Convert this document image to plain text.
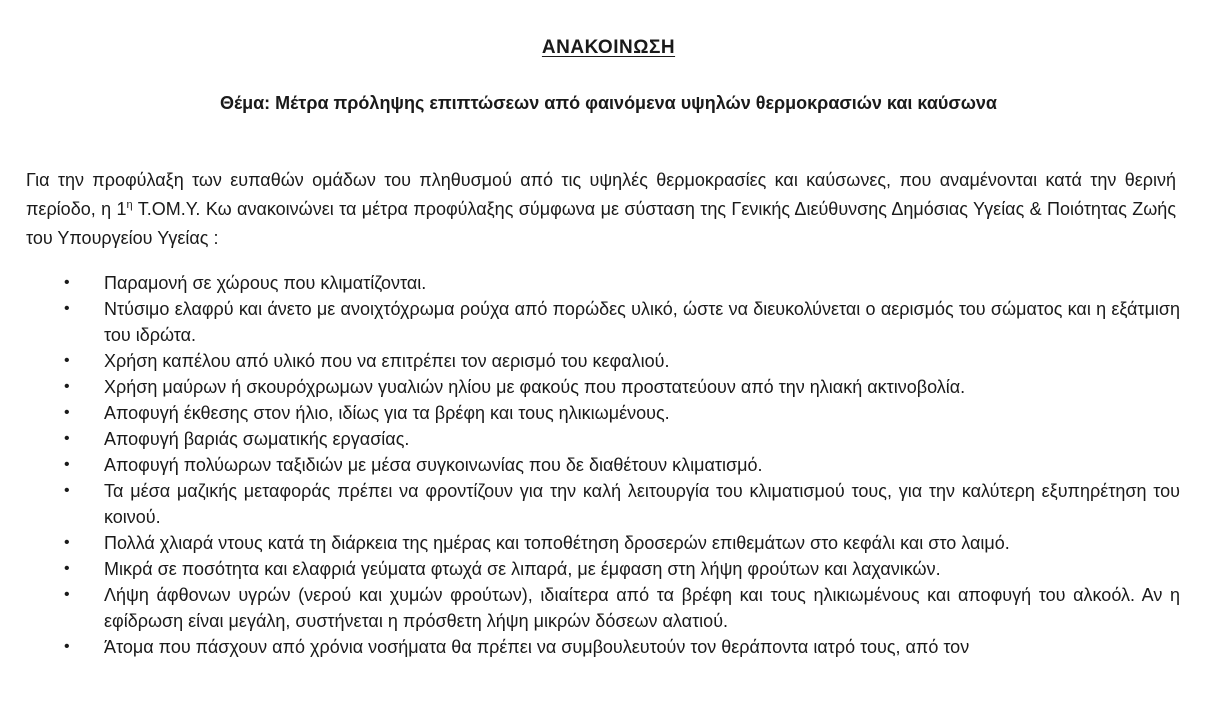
ΑΝΑΚΟΙΝΩΣΗ
Θέμα: Μέτρα πρόληψης επιπτώσεων από φαινόμενα υψηλών θερμοκρασιών και καύσωνα
Για την προφύλαξη των ευπαθών ομάδων του πληθυσμού από τις υψηλές θερμοκρασίες και καύσωνες, που αναμένονται κατά την θερινή περίοδο, η $1^\eta$ Τ.ΟΜ.Υ. Κω ανακοινώνει τα μέτρα προφύλαξης σύμφωνα με σύσταση της Γενικής Διεύθυνσης Δημόσιας Υγείας & Ποιότητας Ζωής του Υπουργείου Υγείας :
• Παραμονή σε χώρους που κλιματίζονται.
• Ντύσιμο ελαφρύ και άνετο με ανοιχτόχρωμα ρούχα από πορώδες υλικό, ώστε να διευκολύνεται ο αερισμός του σώματος και η εξάτμιση του ιδρώτα.
• Χρήση καπέλου από υλικό που να επιτρέπει τον αερισμό του κεφαλιού.
• Χρήση μαύρων ή σκουρόχρωμων γυαλιών ηλίου με φακούς που προστατεύουν από την ηλιακή ακτινοβολία.
• Αποφυγή έκθεσης στον ήλιο, ιδίως για τα βρέφη και τους ηλικιωμένους.
• Αποφυγή βαριάς σωματικής εργασίας.
• Αποφυγή πολύωρων ταξιδιών με μέσα συγκοινωνίας που δε διαθέτουν κλιματισμό.
• Τα μέσα μαζικής μεταφοράς πρέπει να φροντίζουν για την καλή λειτουργία του κλιματισμού τους, για την καλύτερη εξυπηρέτηση του κοινού.
• Πολλά χλιαρά ντους κατά τη διάρκεια της ημέρας και τοποθέτηση δροσερών επιθεμάτων στο κεφάλι και στο λαιμό.
• Μικρά σε ποσότητα και ελαφριά γεύματα φτωχά σε λιπαρά, με έμφαση στη λήψη φρούτων και λαχανικών.
• Λήψη άφθονων υγρών (νερού και χυμών φρούτων), ιδιαίτερα από τα βρέφη και τους ηλικιωμένους και αποφυγή του αλκοόλ. Αν η εφίδρωση είναι μεγάλη, συστήνεται η πρόσθετη λήψη μικρών δόσεων αλατιού.
• Άτομα που πάσχουν από χρόνια νοσήματα θα πρέπει να συμβουλευτούν τον θεράποντα ιατρό τους, από τον
